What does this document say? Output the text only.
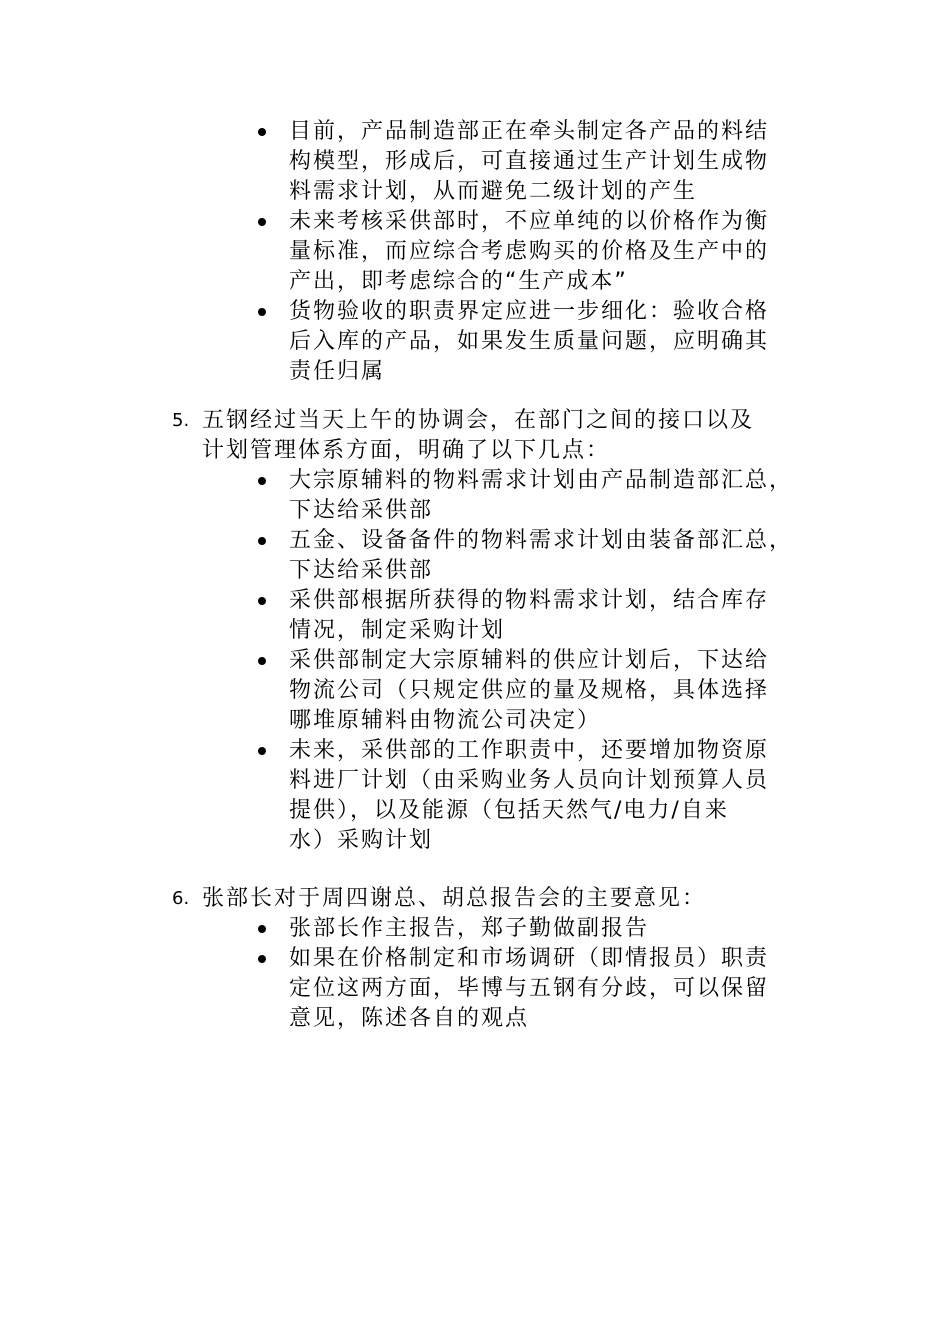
目前，产品制造部正在牵头制定各产品的料结
构模型，形成后，可直接通过生产计划生成物
料需求计划，从而避免二级计划的产生
未来考核采供部时，不应单纯的以价格作为衡
量标准，而应综合考虑购买的价格及生产中的
产出，即考虑综合的“生产成本”
货物验收的职责界定应进一步细化：验收合格
后入库的产品，如果发生质量问题，应明确其
责任归属
5. 五钢经过当天上午的协调会，在部门之间的接口以及
计划管理体系方面，明确了以下几点：
大宗原辅料的物料需求计划由产品制造部汇总，
下达给采供部
五金、设备备件的物料需求计划由装备部汇总，
下达给采供部
采供部根据所获得的物料需求计划，结合库存
情况，制定采购计划
采供部制定大宗原辅料的供应计划后，下达给
物流公司（只规定供应的量及规格，具体选择
哪堆原辅料由物流公司决定）
未来，采供部的工作职责中，还要增加物资原
料进厂计划（由采购业务人员向计划预算人员
提供），以及能源（包括天然气/电力/自来
水）采购计划
6. 张部长对于周四谢总、胡总报告会的主要意见：
张部长作主报告，郑子勤做副报告
如果在价格制定和市场调研（即情报员）职责
定位这两方面，毕博与五钢有分歧，可以保留
意见，陈述各自的观点
